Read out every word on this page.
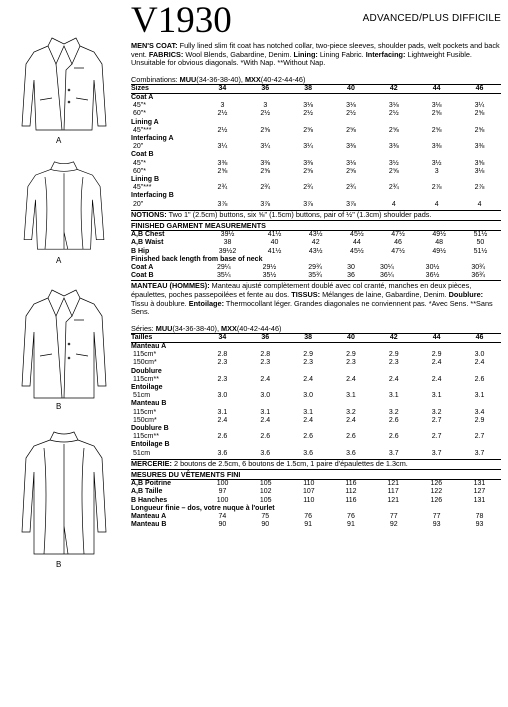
A
A
B
B
V1930	ADVANCED/PLUS DIFFICILE

MEN'S COAT: Fully lined slim fit coat has notched collar, two-piece sleeves, shoulder pads, welt pockets and back vent. FABRICS: Wool Blends, Gabardine, Denim. Lining: Lining Fabric. Interfacing: Lightweight Fusible. Unsuitable for obvious diagonals. *With Nap. **Without Nap.

Combinations: MUU(34-36-38-40), MXX(40-42-44-46)
Sizes	34	36	38	40	42	44	46
Coat A							
45"*	3	3	3⅛	3⅛	3⅛	3⅛	3¼
60"*	2½	2½	2½	2½	2½	2⅝	2⅝
Lining A							
45"***	2½	2⅝	2⅝	2⅝	2⅝	2⅝	2⅝
Interfacing A							
20"	3¼	3¼	3¼	3⅜	3⅜	3⅜	3⅜
Coat B							
45"*	3⅜	3⅜	3⅜	3⅛	3½	3½	3⅝
60"*	2⅝	2⅝	2⅝	2⅝	2⅝	3	3⅛
Lining B							
45"***	2¾	2¾	2¾	2¾	2¾	2⅞	2⅞
Interfacing B							
20"	3⅞	3⅞	3⅞	3⅞	4	4	4
NOTIONS: Two 1" (2.5cm) buttons, six ⅝" (1.5cm) buttons, pair of ½" (1.3cm) shoulder pads.
FINISHED GARMENT MEASUREMENTS
A,B Chest	39½	41½	43½	45½	47½	49½	51½
A,B Waist	38	40	42	44	46	48	50
B Hip	39½2	41½	43½	45½	47½	49½	51½
Finished back length from base of neck
Coat A	29¼	29½	29¾	30	30¼	30½	30¾
Coat B	35¼	35½	35¾	36	36¼	36½	36¾

MANTEAU (HOMMES): Manteau ajusté complètement doublé avec col cranté, manches en deux pièces, épaulettes, poches passepoilées et fente au dos. TISSUS: Mélanges de laine, Gabardine, Denim. Doublure: Tissu à doublure. Entoilage: Thermocollant léger. Grandes diagonales ne conviennent pas. *Avec Sens. **Sans Sens.

Séries: MUU(34-36-38-40), MXX(40-42-44-46)
Tailles	34	36	38	40	42	44	46
Manteau A							
115cm*	2.8	2.8	2.9	2.9	2.9	2.9	3.0
150cm*	2.3	2.3	2.3	2.3	2.3	2.4	2.4
Doublure							
115cm**	2.3	2.4	2.4	2.4	2.4	2.4	2.6
Entoilage							
51cm	3.0	3.0	3.0	3.1	3.1	3.1	3.1
Manteau B							
115cm*	3.1	3.1	3.1	3.2	3.2	3.2	3.4
150cm*	2.4	2.4	2.4	2.4	2.6	2.7	2.9
Doublure B							
115cm**	2.6	2.6	2.6	2.6	2.6	2.7	2.7
Entoilage B							
51cm	3.6	3.6	3.6	3.6	3.7	3.7	3.7
MERCERIE: 2 boutons de 2.5cm, 6 boutons de 1.5cm, 1 paire d'épaulettes de 1.3cm.
MESURES DU VÊTEMENTS FINI
A,B Poitrine	100	105	110	116	121	126	131
A,B Taille	97	102	107	112	117	122	127
B Hanches	100	105	110	116	121	126	131
Longueur finie – dos, votre nuque à l'ourlet
Manteau A	74	75	76	76	77	77	78
Manteau B	90	90	91	91	92	93	93
